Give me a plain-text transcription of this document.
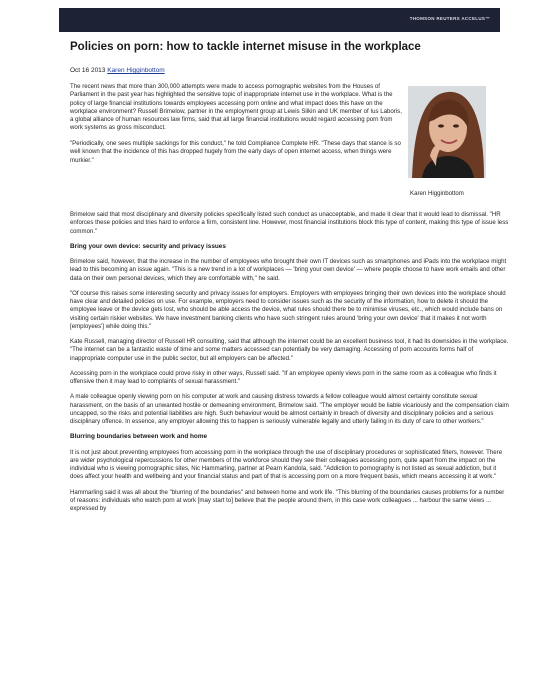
THOMSON REUTERS ACCELUS™
Policies on porn: how to tackle internet misuse in the workplace
Oct 16 2013 Karen Higginbottom

The recent news that more than 300,000 attempts were made to access pornographic websites from the Houses of Parliament in the past year has highlighted the sensitive topic of inappropriate internet use in the workplace. What is the policy of large financial institutions towards employees accessing porn online and what impact does this have on the workplace environment? Russell Brimelow, partner in the employment group at Lewis Silkin and UK member of Ius Laboris, a global alliance of human resources law firms, said that all large financial institutions would regard accessing porn from work systems as gross misconduct.

"Periodically, one sees multiple sackings for this conduct," he told Compliance Complete HR. "These days that stance is so well known that the incidence of this has dropped hugely from the early days of open internet access, when things were murkier."

Karen Higginbottom

Brimelow said that most disciplinary and diversity policies specifically listed such conduct as unacceptable, and made it clear that it would lead to dismissal. "HR enforces these policies and tries hard to enforce a firm, consistent line. However, most financial institutions block this type of content, making this type of issue less common."

Bring your own device: security and privacy issues

Brimelow said, however, that the increase in the number of employees who brought their own IT devices such as smartphones and iPads into the workplace might lead to this becoming an issue again. "This is a new trend in a lot of workplaces — 'bring your own device' — where people choose to have work emails and other data on their own personal devices, which they are comfortable with," he said.

"Of course this raises some interesting security and privacy issues for employers. Employers with employees bringing their own devices into the workplace should have clear and detailed policies on use. For example, employers need to consider issues such as the security of the information, how to delete it should the employee leave or the device gets lost, who should be able access the device, what rules should there be to minimise viruses, etc., which would include bans on visiting certain riskier websites. We have investment banking clients who have such stringent rules around 'bring your own device' that it makes it not worth [employees'] while doing this."

Kate Russell, managing director of Russell HR consulting, said that although the internet could be an excellent business tool, it had its downsides in the workplace. "The internet can be a fantastic waste of time and some matters accessed can potentially be very damaging. Accessing of porn accounts forms half of inappropriate computer use in the public sector, but all employers can be affected."

Accessing porn in the workplace could prove risky in other ways, Russell said. "If an employee openly views porn in the same room as a colleague who finds it offensive then it may lead to complaints of sexual harassment."

A male colleague openly viewing porn on his computer at work and causing distress towards a fellow colleague would almost certainly constitute sexual harassment, on the basis of an unwanted hostile or demeaning environment, Brimelow said. "The employer would be liable vicariously and the compensation claim uncapped, so the risks and potential liabilities are high. Such behaviour would be almost certainly in breach of diversity and disciplinary policies and a serious disciplinary offence. In essence, any employer allowing this to happen is seriously vulnerable legally and utterly failing in its duty of care to other workers."

Blurring boundaries between work and home

It is not just about preventing employees from accessing porn in the workplace through the use of disciplinary procedures or sophisticated filters, however. There are wider psychological repercussions for other members of the workforce should they see their colleagues accessing porn, quite apart from the impact on the individual who is viewing pornographic sites, Nic Hammarling, partner at Pearn Kandola, said. "Addiction to pornography is not listed as sexual addiction, but it does affect your health and wellbeing and your financial status and part of that is accessing porn on a more frequent basis, which means accessing it at work."

Hammarling said it was all about the "blurring of the boundaries" and between home and work life. "This blurring of the boundaries causes problems for a number of reasons: individuals who watch porn at work [may start to] believe that the people around them, in this case work colleagues ... harbour the same views ... expressed by
